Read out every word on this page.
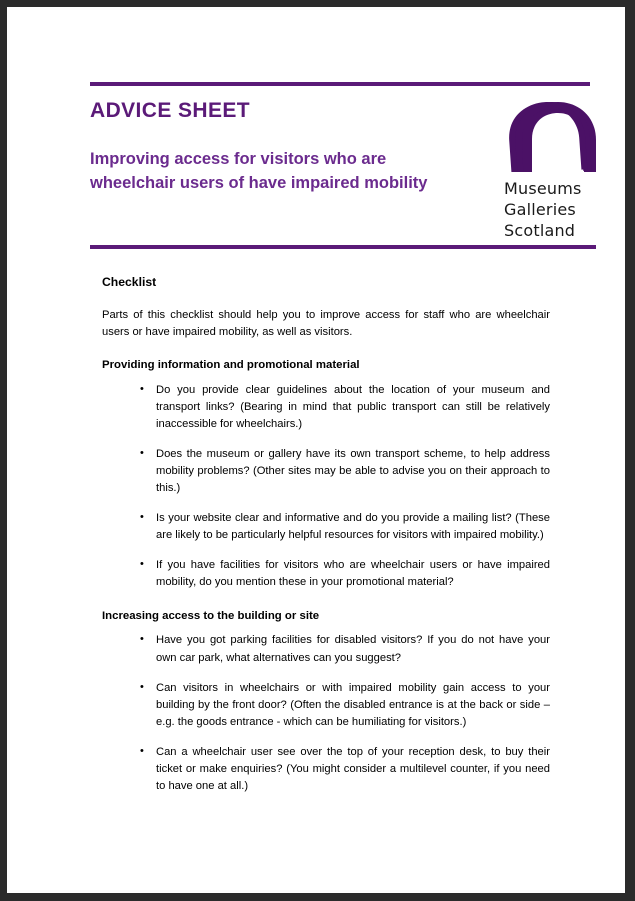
ADVICE SHEET
Improving access for visitors who are wheelchair users of have impaired mobility	Museums
Galleries
Scotland
Checklist

Parts of this checklist should help you to improve access for staff who are wheelchair users or have impaired mobility, as well as visitors.

Providing information and promotional material
• Do you provide clear guidelines about the location of your museum and transport links? (Bearing in mind that public transport can still be relatively inaccessible for wheelchairs.)
• Does the museum or gallery have its own transport scheme, to help address mobility problems? (Other sites may be able to advise you on their approach to this.)
• Is your website clear and informative and do you provide a mailing list? (These are likely to be particularly helpful resources for visitors with impaired mobility.)
• If you have facilities for visitors who are wheelchair users or have impaired mobility, do you mention these in your promotional material?
Increasing access to the building or site
• Have you got parking facilities for disabled visitors? If you do not have your own car park, what alternatives can you suggest?
• Can visitors in wheelchairs or with impaired mobility gain access to your building by the front door? (Often the disabled entrance is at the back or side – e.g. the goods entrance - which can be humiliating for visitors.)
• Can a wheelchair user see over the top of your reception desk, to buy their ticket or make enquiries? (You might consider a multilevel counter, if you need to have one at all.)
